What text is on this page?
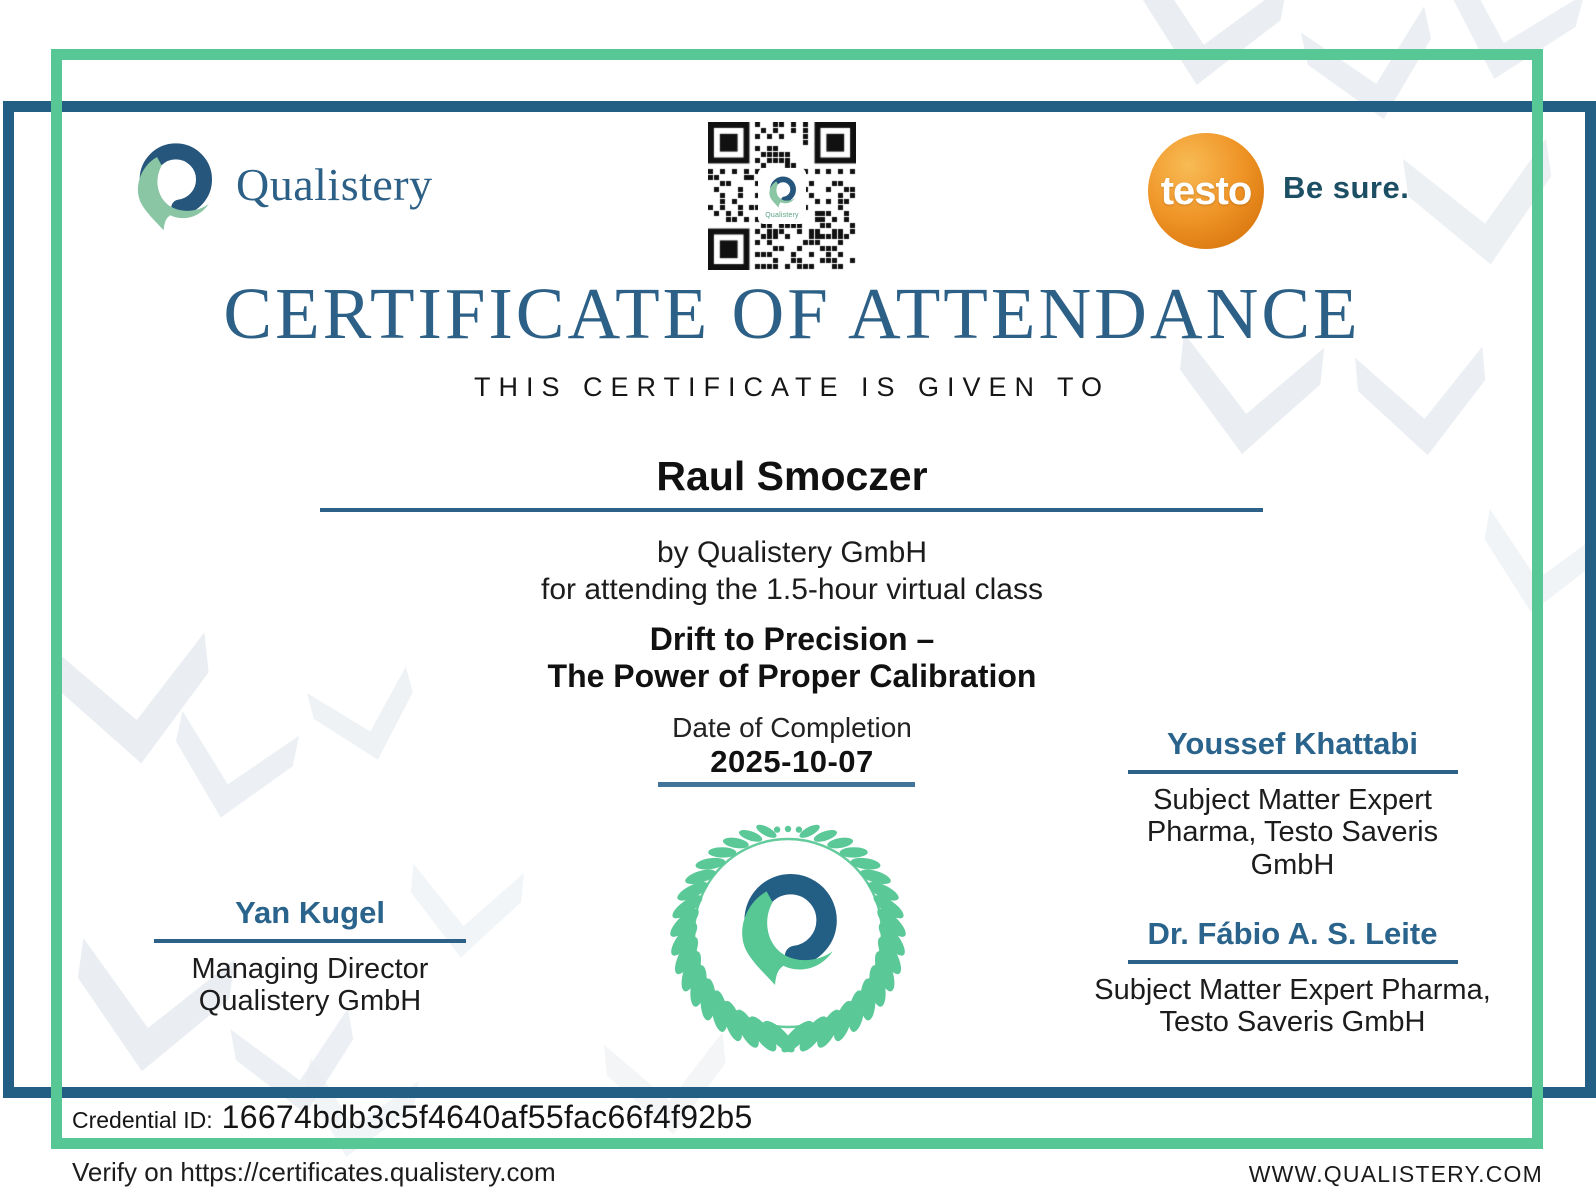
Qualistery
Qualistery
testo Be sure.
CERTIFICATE OF ATTENDANCE
THIS CERTIFICATE IS GIVEN TO
Raul Smoczer
by Qualistery GmbH
for attending the 1.5-hour virtual class
Drift to Precision –
The Power of Proper Calibration
Date of Completion
2025-10-07
Yan Kugel
Managing Director
Qualistery GmbH
Youssef Khattabi
Subject Matter Expert
Pharma, Testo Saveris
GmbH
Dr. Fábio A. S. Leite
Subject Matter Expert Pharma,
Testo Saveris GmbH
Credential ID: 16674bdb3c5f4640af55fac66f4f92b5
Verify on https://certificates.qualistery.com	WWW.QUALISTERY.COM
